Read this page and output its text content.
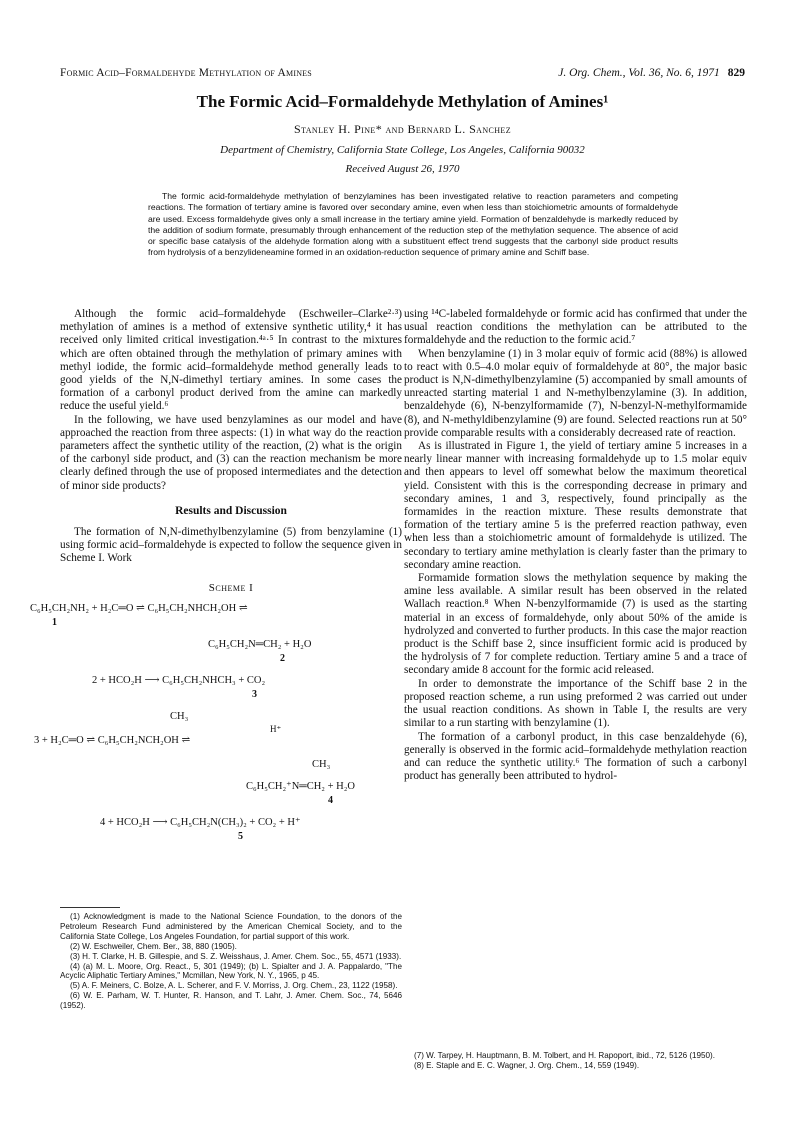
Formic Acid–Formaldehyde Methylation of Amines	J. Org. Chem., Vol. 36, No. 6, 1971 829
The Formic Acid–Formaldehyde Methylation of Amines¹
Stanley H. Pine* and Bernard L. Sanchez
Department of Chemistry, California State College, Los Angeles, California 90032
Received August 26, 1970

The formic acid-formaldehyde methylation of benzylamines has been investigated relative to reaction parameters and competing reactions. The formation of tertiary amine is favored over secondary amine, even when less than stoichiometric amounts of formaldehyde are used. Excess formaldehyde gives only a small increase in the tertiary amine yield. Formation of benzaldehyde is markedly reduced by the addition of sodium formate, presumably through enhancement of the reduction step of the methylation sequence. The absence of acid or specific base catalysis of the aldehyde formation along with a substituent effect trend suggests that the carbonyl side product results from hydrolysis of a benzylideneamine formed in an oxidation-reduction sequence of primary amine and Schiff base.

Although the formic acid–formaldehyde (Eschweiler–Clarke²·³) methylation of amines is a method of extensive synthetic utility,⁴ it has received only limited critical investigation.⁴ᵃ·⁵ In contrast to the mixtures which are often obtained through the methylation of primary amines with methyl iodide, the formic acid–formaldehyde method generally leads to good yields of the N,N-dimethyl tertiary amines. In some cases the formation of a carbonyl product derived from the amine can markedly reduce the useful yield.⁶

In the following, we have used benzylamines as our model and have approached the reaction from three aspects: (1) in what way do the reaction parameters affect the synthetic utility of the reaction, (2) what is the origin of the carbonyl side product, and (3) can the reaction mechanism be more clearly defined through the use of proposed intermediates and the detection of minor side products?

Results and Discussion

The formation of N,N-dimethylbenzylamine (5) from benzylamine (1) using formic acid–formaldehyde is expected to follow the sequence given in Scheme I. Work

Scheme I
C₆H₅CH₂NH₂ + H₂C═O ⇌ C₆H₅CH₂NHCH₂OH ⇌
1
C₆H₅CH₂N═CH₂ + H₂O
2
2 + HCO₂H ⟶ C₆H₅CH₂NHCH₃ + CO₂
3
CH₃
H⁺
3 + H₂C═O ⇌ C₆H₅CH₂NCH₂OH ⇌
CH₃
C₆H₅CH₂⁺N═CH₂ + H₂O
4
4 + HCO₂H ⟶ C₆H₅CH₂N(CH₃)₂ + CO₂ + H⁺
5

(1) Acknowledgment is made to the National Science Foundation, to the donors of the Petroleum Research Fund administered by the American Chemical Society, and to the California State College, Los Angeles Foundation, for partial support of this work.

(2) W. Eschweiler, Chem. Ber., 38, 880 (1905).

(3) H. T. Clarke, H. B. Gillespie, and S. Z. Weisshaus, J. Amer. Chem. Soc., 55, 4571 (1933).

(4) (a) M. L. Moore, Org. React., 5, 301 (1949); (b) L. Spialter and J. A. Pappalardo, "The Acyclic Aliphatic Tertiary Amines," Mcmillan, New York, N. Y., 1965, p 45.

(5) A. F. Meiners, C. Bolze, A. L. Scherer, and F. V. Morriss, J. Org. Chem., 23, 1122 (1958).

(6) W. E. Parham, W. T. Hunter, R. Hanson, and T. Lahr, J. Amer. Chem. Soc., 74, 5646 (1952).

using ¹⁴C-labeled formaldehyde or formic acid has confirmed that under the usual reaction conditions the methylation can be attributed to the formaldehyde and the reduction to the formic acid.⁷

When benzylamine (1) in 3 molar equiv of formic acid (88%) is allowed to react with 0.5–4.0 molar equiv of formaldehyde at 80°, the major basic product is N,N-dimethylbenzylamine (5) accompanied by small amounts of unreacted starting material 1 and N-methylbenzylamine (3). In addition, benzaldehyde (6), N-benzylformamide (7), N-benzyl-N-methylformamide (8), and N-methyldibenzylamine (9) are found. Selected reactions run at 50° provide comparable results with a considerably decreased rate of reaction.

As is illustrated in Figure 1, the yield of tertiary amine 5 increases in a nearly linear manner with increasing formaldehyde up to 1.5 molar equiv and then appears to level off somewhat below the maximum theoretical yield. Consistent with this is the corresponding decrease in primary and secondary amines, 1 and 3, respectively, found principally as the formamides in the reaction mixture. These results demonstrate that formation of the tertiary amine 5 is the preferred reaction pathway, even when less than a stoichiometric amount of formaldehyde is utilized. The secondary to tertiary amine methylation is clearly faster than the primary to secondary amine reaction.

Formamide formation slows the methylation sequence by making the amine less available. A similar result has been observed in the related Wallach reaction.⁸ When N-benzylformamide (7) is used as the starting material in an excess of formaldehyde, only about 50% of the amide is hydrolyzed and converted to further products. In this case the major reaction product is the Schiff base 2, since insufficient formic acid is produced by the hydrolysis of 7 for complete reduction. Tertiary amine 5 and a trace of secondary amide 8 account for the formic acid released.

In order to demonstrate the importance of the Schiff base 2 in the proposed reaction scheme, a run using preformed 2 was carried out under the usual reaction conditions. As shown in Table I, the results are very similar to a run starting with benzylamine (1).

The formation of a carbonyl product, in this case benzaldehyde (6), generally is observed in the formic acid–formaldehyde methylation reaction and can reduce the synthetic utility.⁶ The formation of such a carbonyl product has generally been attributed to hydrol-

(7) W. Tarpey, H. Hauptmann, B. M. Tolbert, and H. Rapoport, ibid., 72, 5126 (1950).

(8) E. Staple and E. C. Wagner, J. Org. Chem., 14, 559 (1949).
